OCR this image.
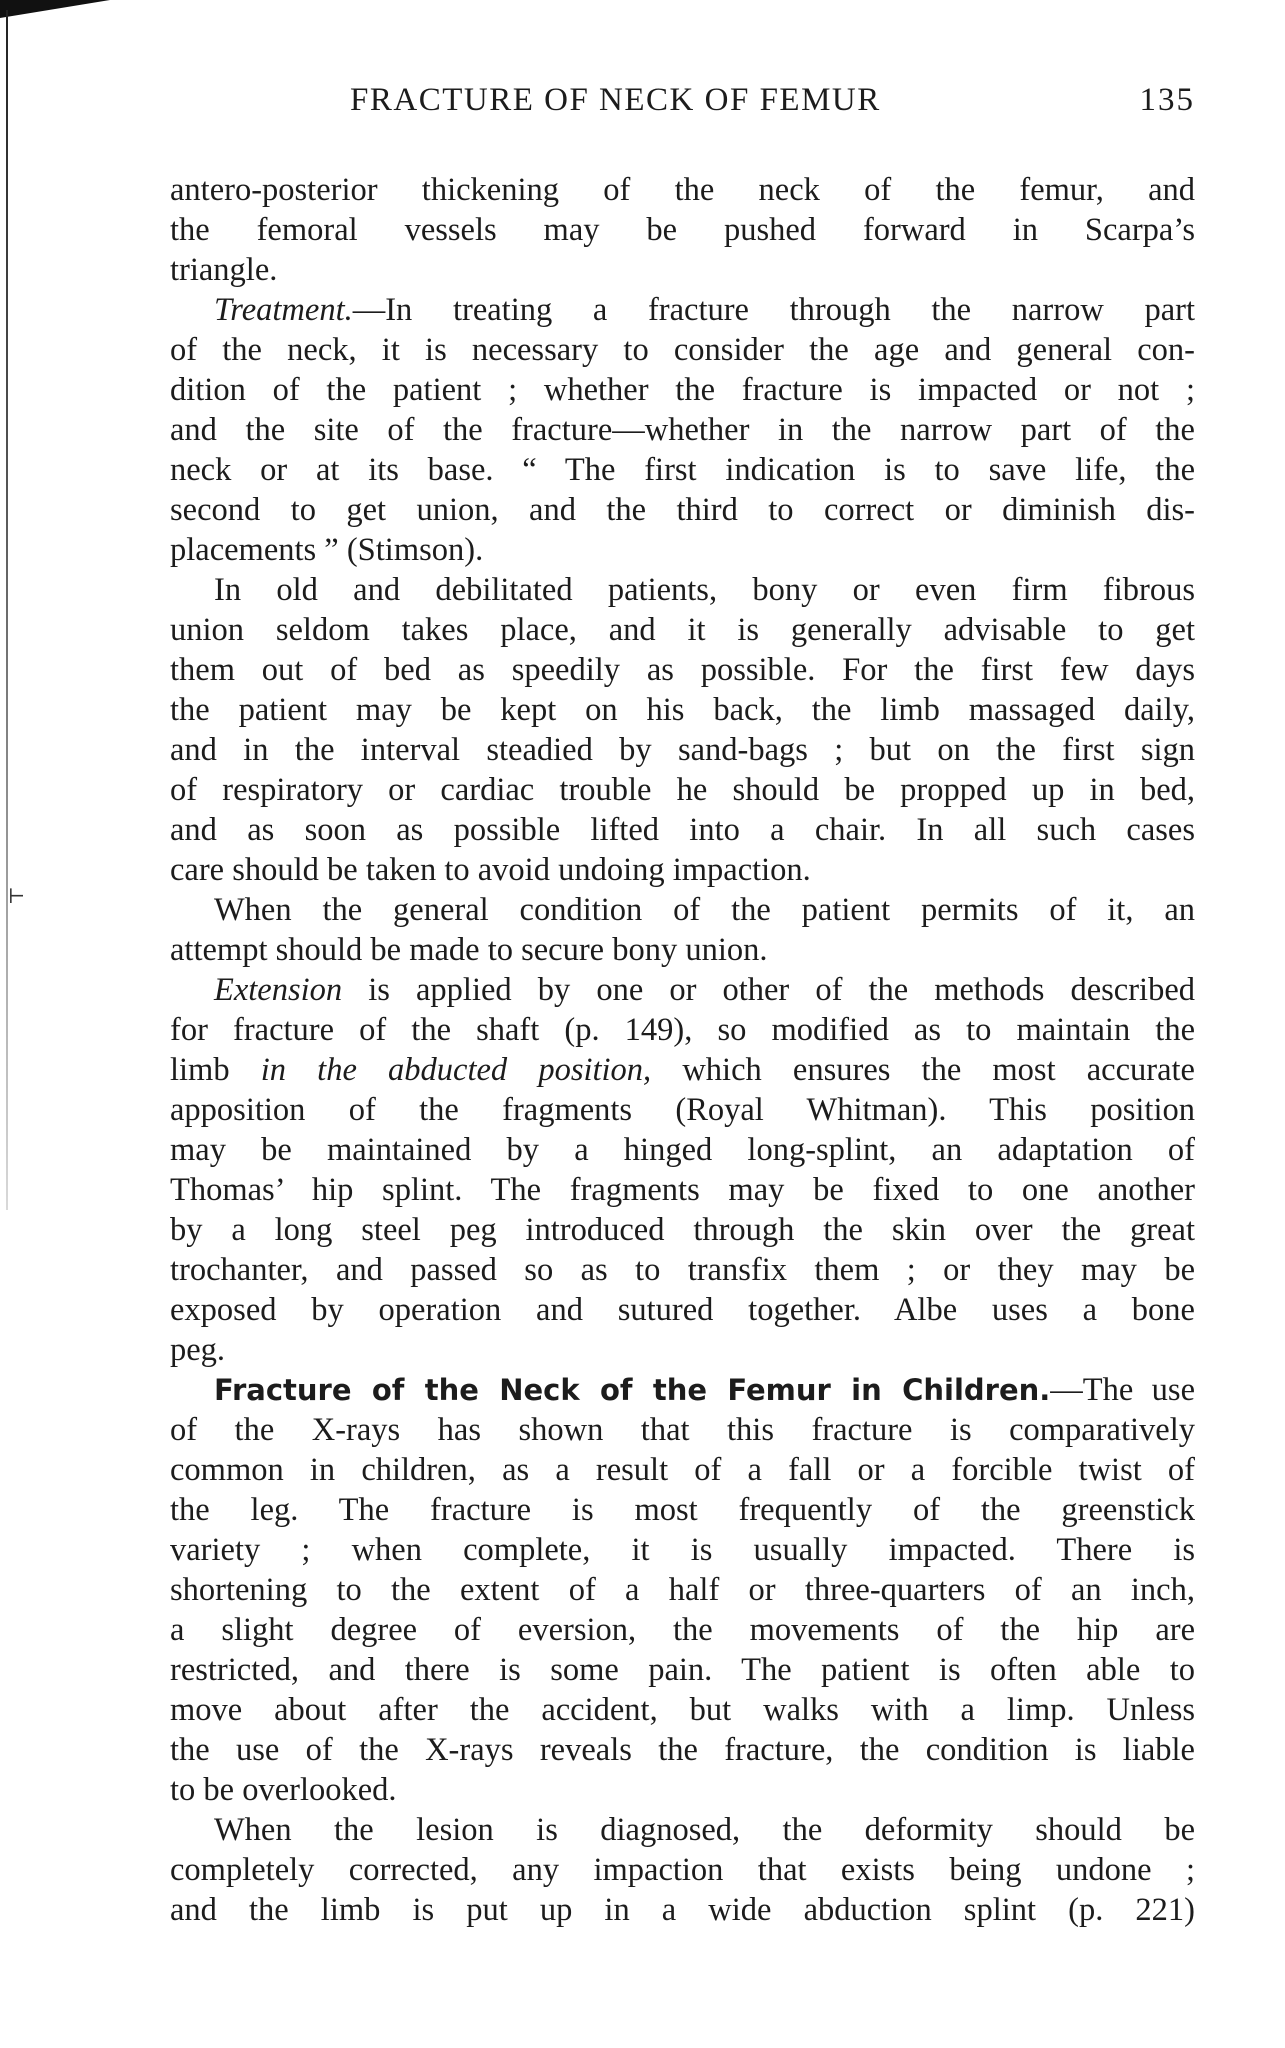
⊢
FRACTURE OF NECK OF FEMUR	135
antero-posterior thickening of the neck of the femur, and
the femoral vessels may be pushed forward in Scarpa’s
triangle.
Treatment.—In treating a fracture through the narrow part
of the neck, it is necessary to consider the age and general con-
dition of the patient ; whether the fracture is impacted or not ;
and the site of the fracture—whether in the narrow part of the
neck or at its base. “ The first indication is to save life, the
second to get union, and the third to correct or diminish dis-
placements ” (Stimson).
In old and debilitated patients, bony or even firm fibrous
union seldom takes place, and it is generally advisable to get
them out of bed as speedily as possible. For the first few days
the patient may be kept on his back, the limb massaged daily,
and in the interval steadied by sand-bags ; but on the first sign
of respiratory or cardiac trouble he should be propped up in bed,
and as soon as possible lifted into a chair. In all such cases
care should be taken to avoid undoing impaction.
When the general condition of the patient permits of it, an
attempt should be made to secure bony union.
Extension is applied by one or other of the methods described
for fracture of the shaft (p. 149), so modified as to maintain the
limb in the abducted position, which ensures the most accurate
apposition of the fragments (Royal Whitman). This position
may be maintained by a hinged long-splint, an adaptation of
Thomas’ hip splint. The fragments may be fixed to one another
by a long steel peg introduced through the skin over the great
trochanter, and passed so as to transfix them ; or they may be
exposed by operation and sutured together. Albe uses a bone
peg.
Fracture of the Neck of the Femur in Children.—The use
of the X-rays has shown that this fracture is comparatively
common in children, as a result of a fall or a forcible twist of
the leg. The fracture is most frequently of the greenstick
variety ; when complete, it is usually impacted. There is
shortening to the extent of a half or three-quarters of an inch,
a slight degree of eversion, the movements of the hip are
restricted, and there is some pain. The patient is often able to
move about after the accident, but walks with a limp. Unless
the use of the X-rays reveals the fracture, the condition is liable
to be overlooked.
When the lesion is diagnosed, the deformity should be
completely corrected, any impaction that exists being undone ;
and the limb is put up in a wide abduction splint (p. 221)
